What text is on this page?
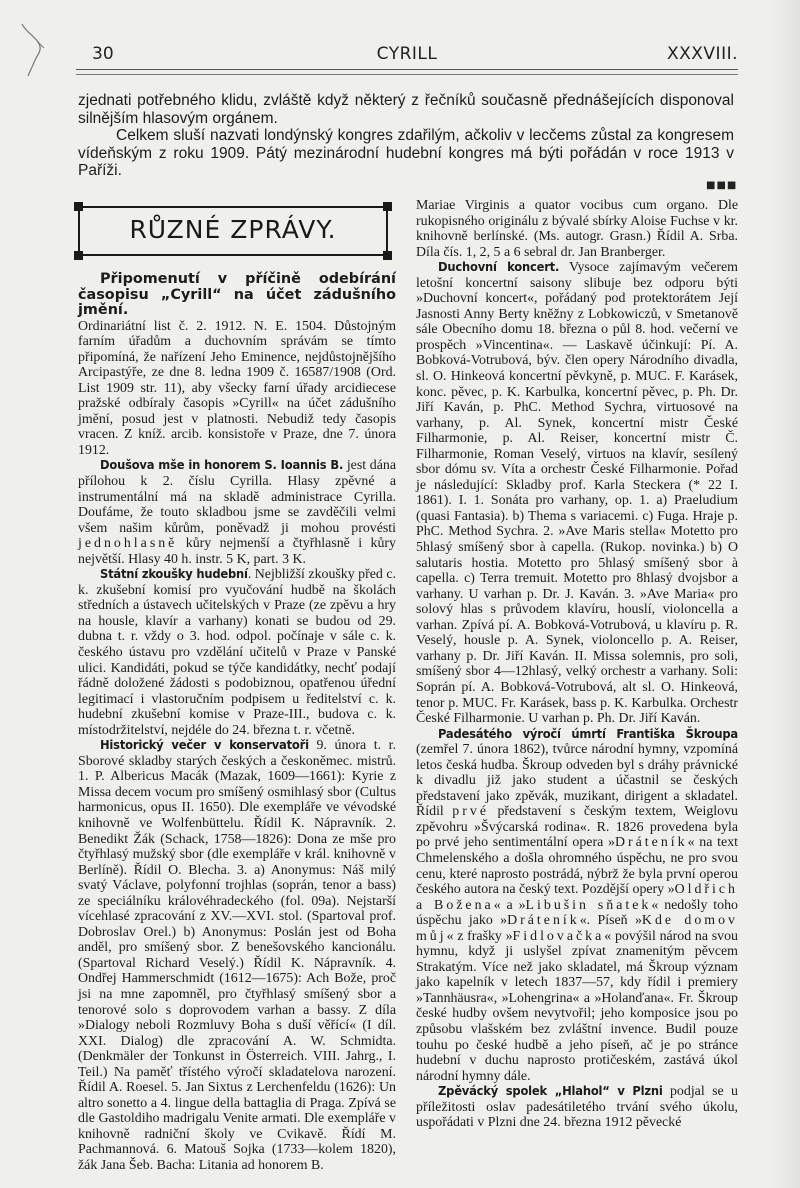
30	CYRILL	XXXVIII.

zjednati potřebného klidu, zvláště když některý z řečníků současně přednášejících disponoval silnějším hlasovým orgánem.

Celkem sluší nazvati londýnský kongres zdařilým, ačkoliv v lecčems zůstal za kongresem vídeňským z roku 1909. Pátý mezinárodní hudební kongres má býti pořádán v roce 1913 v Paříži.

■■■
RŮZNÉ ZPRÁVY.

Připomenutí v příčině odebírání časopisu „Cyrill“ na účet zádušního jmění.

Ordinariátní list č. 2. 1912. N. E. 1504. Důstojným farním úřadům a duchovním správám se tímto připomíná, že nařízení Jeho Eminence, nejdůstojnějšího Arcipastýře, ze dne 8. ledna 1909 č. 16587/1908 (Ord. List 1909 str. 11), aby všecky farní úřady arcidiecese pražské odbíraly časopis »Cyrill« na účet zádušního jmění, posud jest v platnosti. Nebudiž tedy časopis vracen. Z kníž. arcib. konsistoře v Praze, dne 7. února 1912.

Doušova mše in honorem S. Ioannis B. jest dána přílohou k 2. číslu Cyrilla. Hlasy zpěvné a instrumentální má na skladě administrace Cyrilla. Doufáme, že touto skladbou jsme se zavděčili velmi všem našim kůrům, poněvadž ji mohou provésti jednohlasně kůry nejmenší a čtyřhlasně i kůry největší. Hlasy 40 h. instr. 5 K, part. 3 K.

Státní zkoušky hudební. Nejbližší zkoušky před c. k. zkušební komisí pro vyučování hudbě na školách středních a ústavech učitelských v Praze (ze zpěvu a hry na housle, klavír a varhany) konati se budou od 29. dubna t. r. vždy o 3. hod. odpol. počínaje v sále c. k. českého ústavu pro vzdělání učitelů v Praze v Panské ulici. Kandidáti, pokud se týče kandidátky, nechť podají řádně doložené žádosti s podobiznou, opatřenou úřední legitimací i vlastoručním podpisem u ředitelství c. k. hudební zkušební komise v Praze-III., budova c. k. místodržitelství, nejdéle do 24. března t. r. včetně.

Historický večer v konservatoři 9. února t. r. Sborové skladby starých českých a českoněmec. mistrů. 1. P. Albericus Macák (Mazak, 1609—1661): Kyrie z Missa decem vocum pro smíšený osmihlasý sbor (Cultus harmonicus, opus II. 1650). Dle exempláře ve vévodské knihovně ve Wolfenbüttelu. Řídil K. Nápravník. 2. Benedikt Žák (Schack, 1758—1826): Dona ze mše pro čtyřhlasý mužský sbor (dle exempláře v král. knihovně v Berlíně). Řídil O. Blecha. 3. a) Anonymus: Náš milý svatý Václave, polyfonní trojhlas (soprán, tenor a bass) ze speciálníku královéhradeckého (fol. 09a). Nejstarší vícehlasé zpracování z XV.—XVI. stol. (Spartoval prof. Dobroslav Orel.) b) Anonymus: Poslán jest od Boha anděl, pro smíšený sbor. Z benešovského kancionálu. (Spartoval Richard Veselý.) Řídil K. Nápravník. 4. Ondřej Hammerschmidt (1612—1675): Ach Bože, proč jsi na mne zapomněl, pro čtyřhlasý smíšený sbor a tenorové solo s doprovodem varhan a bassy. Z díla »Dialogy neboli Rozmluvy Boha s duší věřící« (I díl. XXI. Dialog) dle zpracování A. W. Schmidta. (Denkmäler der Tonkunst in Österreich. VIII. Jahrg., I. Teil.) Na paměť třístého výročí skladatelova narození. Řídil A. Roesel. 5. Jan Sixtus z Lerchenfeldu (1626): Un altro sonetto a 4. lingue della battaglia di Praga. Zpívá se dle Gastoldiho madrigalu Venite armati. Dle exempláře v knihovně radniční školy ve Cvikavě. Řídí M. Pachmannová. 6. Matouš Sojka (1733—kolem 1820), žák Jana Šeb. Bacha: Litania ad honorem B.

Mariae Virginis a quator vocibus cum organo. Dle rukopisného originálu z bývalé sbírky Aloise Fuchse v kr. knihovně berlínské. (Ms. autogr. Grasn.) Řídil A. Srba. Díla čís. 1, 2, 5 a 6 sebral dr. Jan Branberger.

Duchovní koncert. Vysoce zajímavým večerem letošní koncertní saisony slibuje bez odporu býti »Duchovní koncert«, pořádaný pod protektorátem Její Jasnosti Anny Berty kněžny z Lobkowiczů, v Smetanově sále Obecního domu 18. března o půl 8. hod. večerní ve prospěch »Vincentina«. — Laskavě účinkují: Pí. A. Bobková-Votrubová, býv. člen opery Národního divadla, sl. O. Hinkeová koncertní pěvkyně, p. MUC. F. Karásek, konc. pěvec, p. K. Karbulka, koncertní pěvec, p. Ph. Dr. Jiří Kaván, p. PhC. Method Sychra, virtuosové na varhany, p. Al. Synek, koncertní mistr České Filharmonie, p. Al. Reiser, koncertní mistr Č. Filharmonie, Roman Veselý, virtuos na klavír, sesílený sbor dómu sv. Víta a orchestr České Filharmonie. Pořad je následující: Skladby prof. Karla Steckera (* 22 I. 1861). I. 1. Sonáta pro varhany, op. 1. a) Praeludium (quasi Fantasia). b) Thema s variacemi. c) Fuga. Hraje p. PhC. Method Sychra. 2. »Ave Maris stella« Motetto pro 5hlasý smíšený sbor à capella. (Rukop. novinka.) b) O salutaris hostia. Motetto pro 5hlasý smíšený sbor à capella. c) Terra tremuit. Motetto pro 8hlasý dvojsbor a varhany. U varhan p. Dr. J. Kaván. 3. »Ave Maria« pro solový hlas s průvodem klavíru, houslí, violoncella a varhan. Zpívá pí. A. Bobková-Votrubová, u klavíru p. R. Veselý, housle p. A. Synek, violoncello p. A. Reiser, varhany p. Dr. Jiří Kaván. II. Missa solemnis, pro soli, smíšený sbor 4—12hlasý, velký orchestr a varhany. Soli: Soprán pí. A. Bobková-Votrubová, alt sl. O. Hinkeová, tenor p. MUC. Fr. Karásek, bass p. K. Karbulka. Orchestr České Filharmonie. U varhan p. Ph. Dr. Jiří Kaván.

Padesátého výročí úmrtí Františka Škroupa (zemřel 7. února 1862), tvůrce národní hymny, vzpomíná letos česká hudba. Škroup odveden byl s dráhy právnické k divadlu již jako student a účastnil se českých představení jako zpěvák, muzikant, dirigent a skladatel. Řídil prvé představení s českým textem, Weiglovu zpěvohru »Švýcarská rodina«. R. 1826 provedena byla po prvé jeho sentimentální opera »Dráteník« na text Chmelenského a došla ohromného úspěchu, ne pro svou cenu, které naprosto postrádá, nýbrž že byla první operou českého autora na český text. Pozdější opery »Oldřich a Božena« a »Libušin sňatek« nedošly toho úspěchu jako »Dráteník«. Píseň »Kde domov můj« z frašky »Fidlovačka« povýšil národ na svou hymnu, když ji uslyšel zpívat znamenitým pěvcem Strakatým. Více než jako skladatel, má Škroup význam jako kapelník v letech 1837—57, kdy řídil i premiery »Tannhäusra«, »Lohengrina« a »Holanďana«. Fr. Škroup české hudby ovšem nevytvořil; jeho komposice jsou po způsobu vlašském bez zvláštní invence. Budil pouze touhu po české hudbě a jeho píseň, ač je po stránce hudební v duchu naprosto protičeském, zastává úkol národní hymny dále.

Zpěvácký spolek „Hlahol“ v Plzni podjal se u příležitosti oslav padesátiletého trvání svého úkolu, uspořádati v Plzni dne 24. března 1912 pěvecké
